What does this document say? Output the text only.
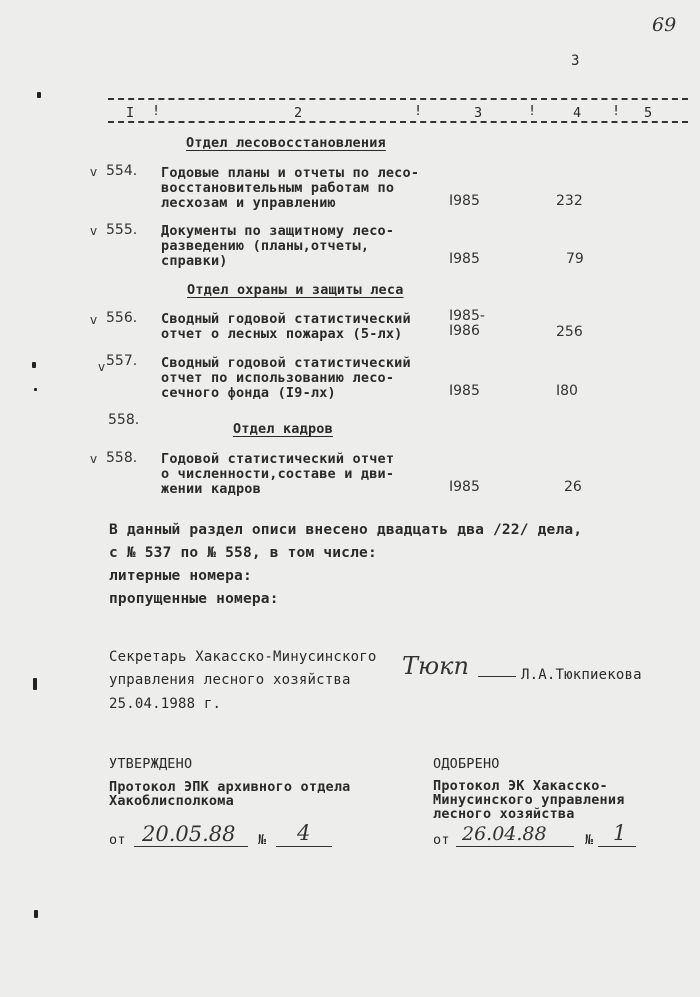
69
3
I !	2	!	3	!	4 ! 5
Отдел лесовосстановления
v 554. Годовые планы и отчеты по лесо-
восстановительным работам по
лесхозам и управлению	I985	232
v 555. Документы по защитному лесо-
разведению (планы,отчеты,
справки)	I985	79
Отдел охраны и защиты леса
v 556. Сводный годовой статистический
отчет о лесных пожарах (5-лх)
I985-
I986	256
v 557. Сводный годовой статистический
отчет по использованию лесо-
сечного фонда (I9-лх)	I985	I80
558.
Отдел кадров
v 558. Годовой статистический отчет
о численности,составе и дви-
жении кадров	I985	26
В данный раздел описи внесено двадцать два /22/ дела,
с № 537 по № 558, в том числе:
литерные номера:
пропущенные номера:
Секретарь Хакасско-Минусинского
управления лесного хозяйства Тюкп	Л.А.Тюкпиекова
25.04.1988 г.
УТВЕРЖДЕНО
Протокол ЭПК архивного отдела
Хакоблисполкома
от 20.05.88 № 4
ОДОБРЕНО
Протокол ЭК Хакасско-
Минусинского управления
лесного хозяйства
от 26.04.88	№ 1
